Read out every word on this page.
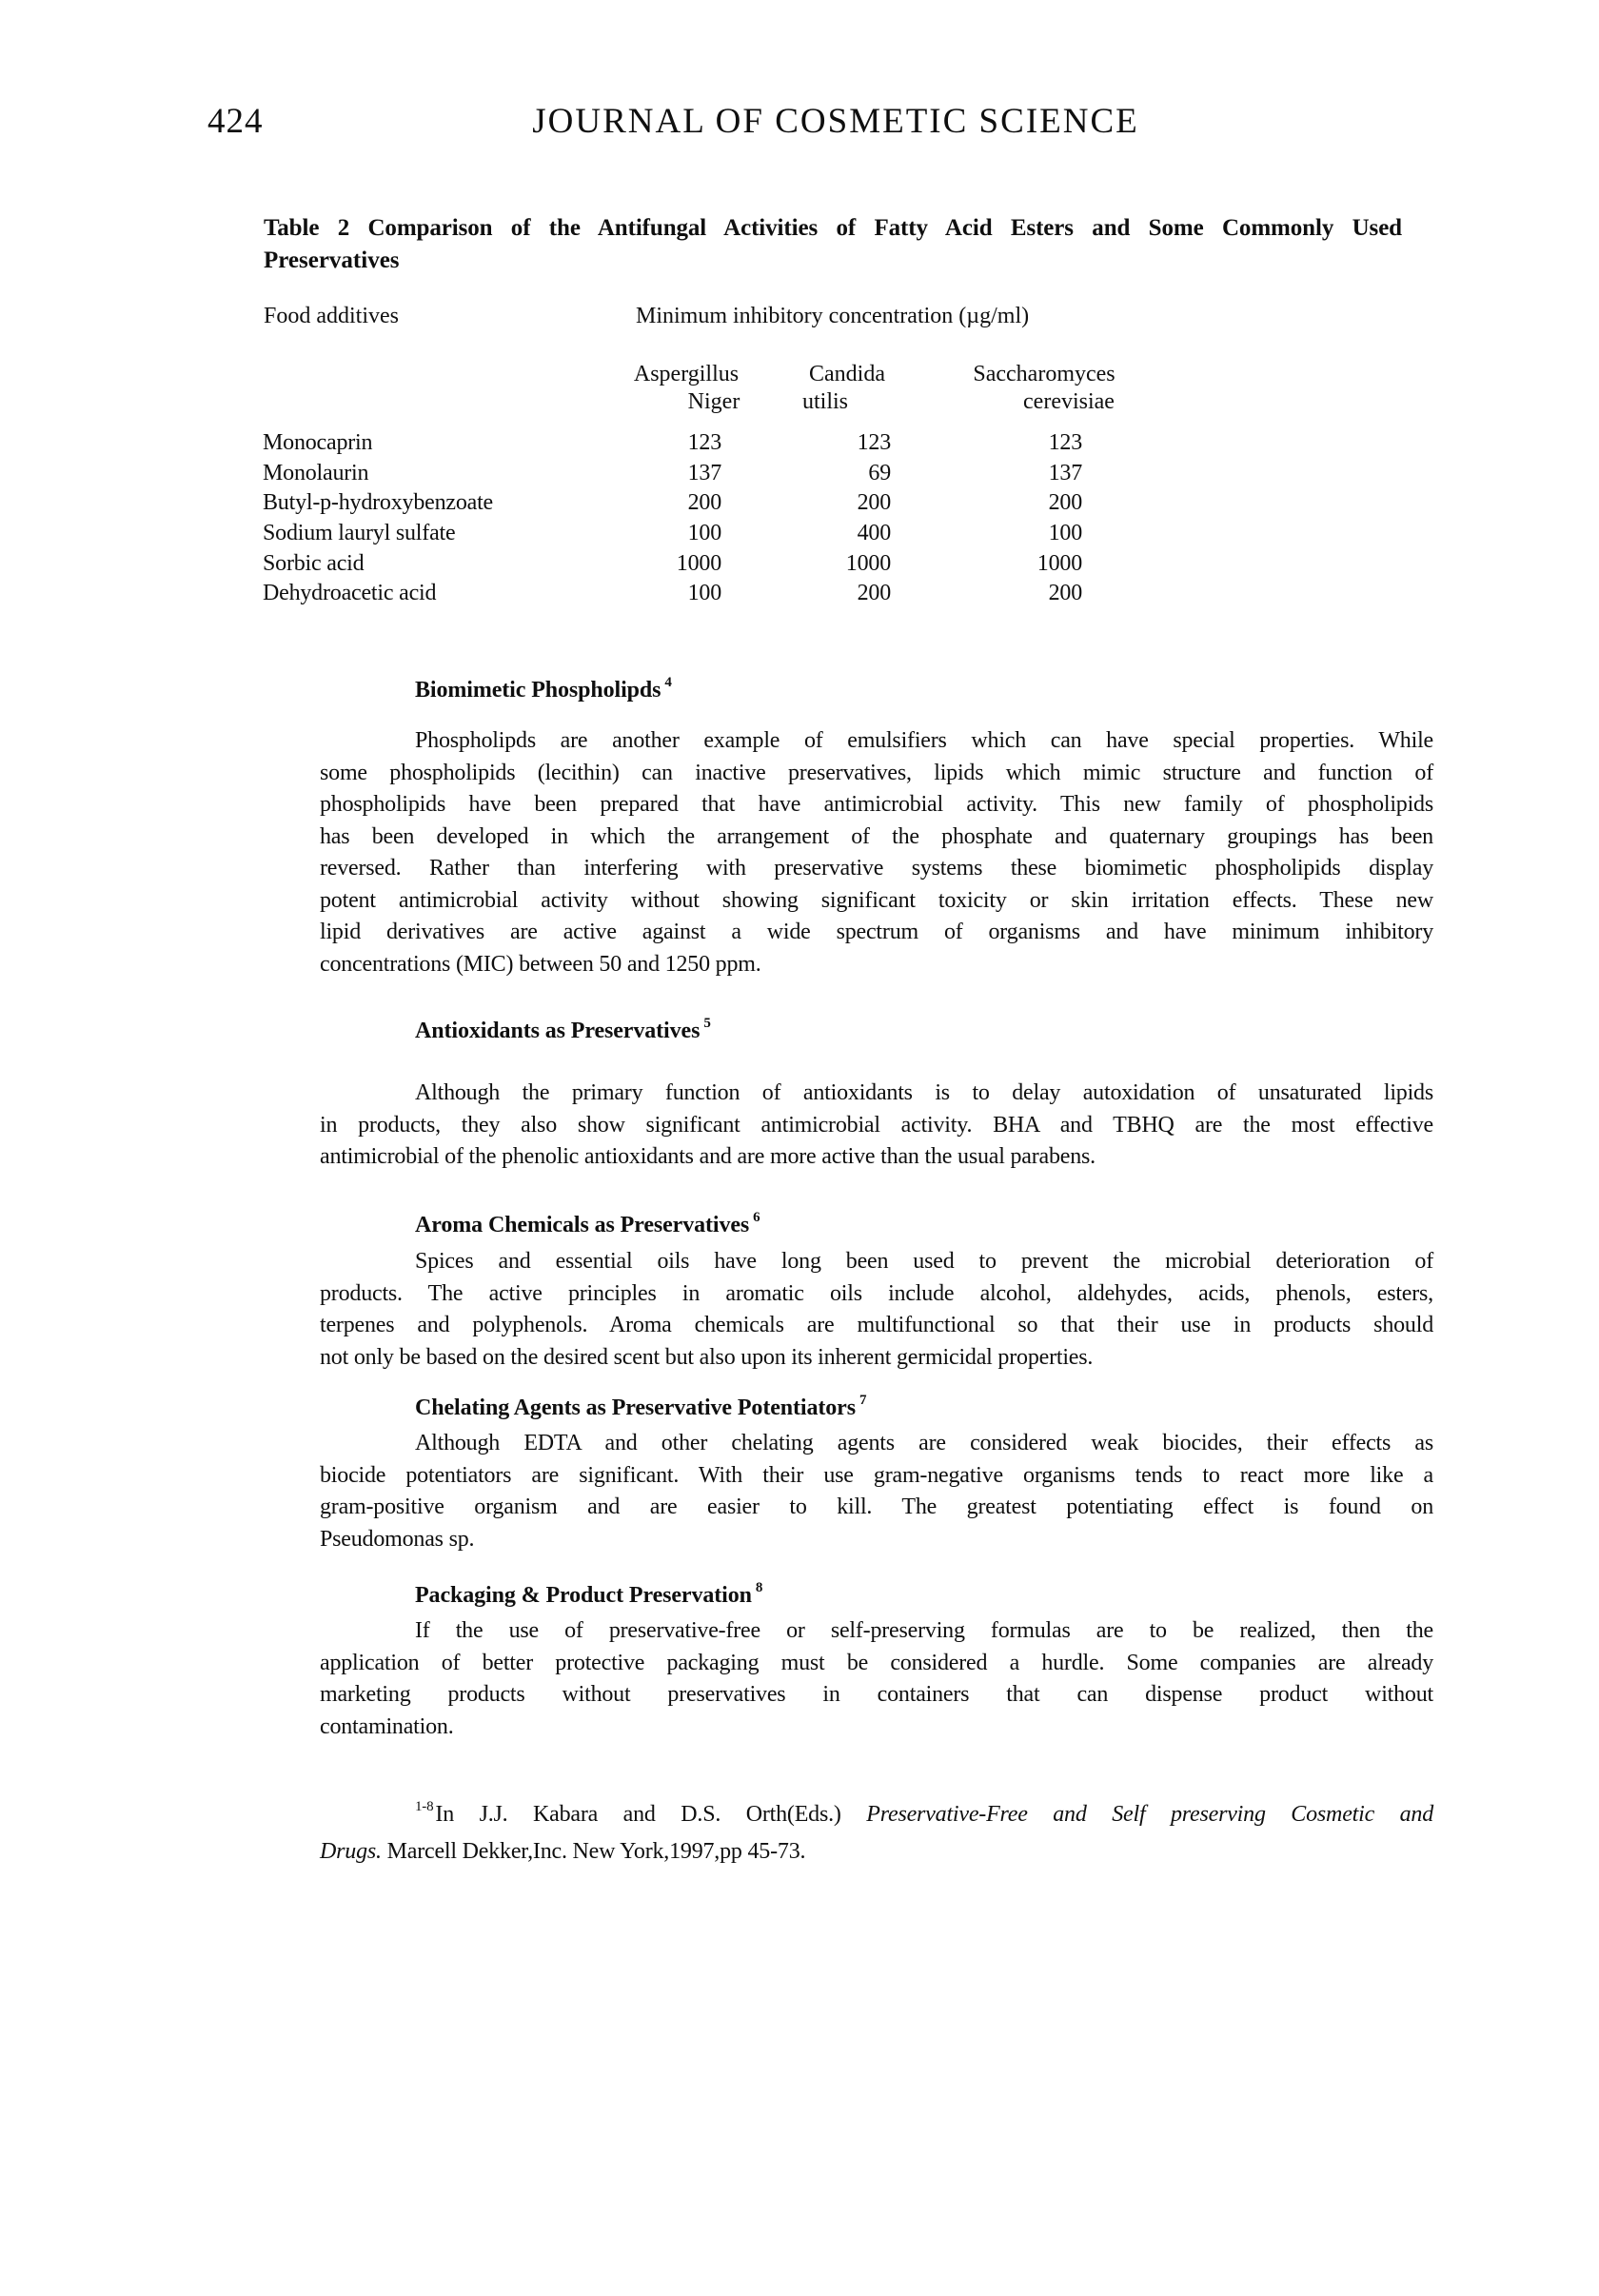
424	JOURNAL OF COSMETIC SCIENCE
Table 2 Comparison of the Antifungal Activities of Fatty Acid Esters and Some Commonly Used
Preservatives
Food additives	Minimum inhibitory concentration (µg/ml)
Aspergillus	Candida	Saccharomyces
Niger	utilis	cerevisiae
Monocaprin	123	123	123
Monolaurin	137	69	137
Butyl-p-hydroxybenzoate	200	200	200
Sodium lauryl sulfate	100	400	100
Sorbic acid	1000	1000	1000
Dehydroacetic acid	100	200	200
Biomimetic Phospholipds $^4$
Phospholipds are another example of emulsifiers which can have special properties. While
some phospholipids (lecithin) can inactive preservatives, lipids which mimic structure and function of
phospholipids have been prepared that have antimicrobial activity. This new family of phospholipids
has been developed in which the arrangement of the phosphate and quaternary groupings has been
reversed. Rather than interfering with preservative systems these biomimetic phospholipids display
potent antimicrobial activity without showing significant toxicity or skin irritation effects. These new
lipid derivatives are active against a wide spectrum of organisms and have minimum inhibitory
concentrations (MIC) between 50 and 1250 ppm.
Antioxidants as Preservatives $^5$
Although the primary function of antioxidants is to delay autoxidation of unsaturated lipids
in products, they also show significant antimicrobial activity. BHA and TBHQ are the most effective
antimicrobial of the phenolic antioxidants and are more active than the usual parabens.
Aroma Chemicals as Preservatives $^6$
Spices and essential oils have long been used to prevent the microbial deterioration of
products. The active principles in aromatic oils include alcohol, aldehydes, acids, phenols, esters,
terpenes and polyphenols. Aroma chemicals are multifunctional so that their use in products should
not only be based on the desired scent but also upon its inherent germicidal properties.
Chelating Agents as Preservative Potentiators $^7$
Although EDTA and other chelating agents are considered weak biocides, their effects as
biocide potentiators are significant. With their use gram-negative organisms tends to react more like a
gram-positive organism and are easier to kill. The greatest potentiating effect is found on
Pseudomonas sp.
Packaging & Product Preservation $^8$
If the use of preservative-free or self-preserving formulas are to be realized, then the
application of better protective packaging must be considered a hurdle. Some companies are already
marketing products without preservatives in containers that can dispense product without
contamination.
$^{1-8}$In J.J. Kabara and D.S. Orth(Eds.) Preservative-Free and Self preserving Cosmetic and
Drugs. Marcell Dekker,Inc. New York,1997,pp 45-73.
